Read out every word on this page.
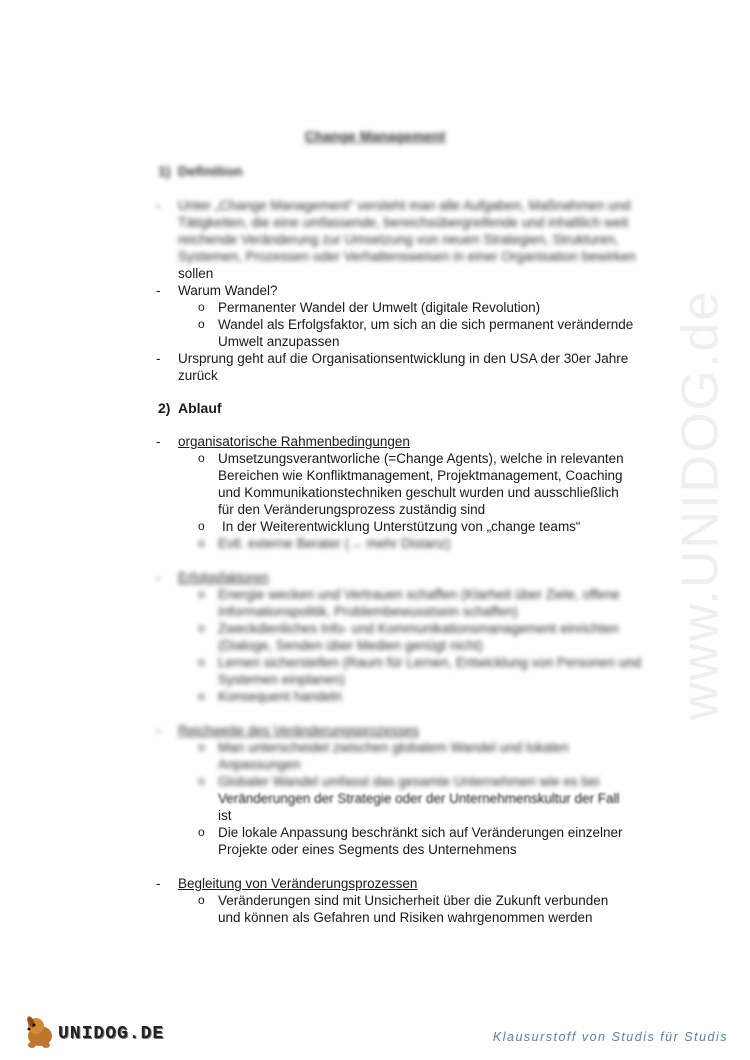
www.UNIDOG.de
Change Management
1) Definition
- Unter „Change Management“ versteht man alle Aufgaben, Maßnahmen und
Tätigkeiten, die eine umfassende, bereichsübergreifende und inhaltlich weit
reichende Veränderung zur Umsetzung von neuen Strategien, Strukturen,
Systemen, Prozessen oder Verhaltensweisen in einer Organisation bewirken
sollen
- Warum Wandel?
o Permanenter Wandel der Umwelt (digitale Revolution)
o Wandel als Erfolgsfaktor, um sich an die sich permanent verändernde
Umwelt anzupassen
- Ursprung geht auf die Organisationsentwicklung in den USA der 30er Jahre
zurück
2) Ablauf
- organisatorische Rahmenbedingungen
o Umsetzungsverantworliche (=Change Agents), welche in relevanten
Bereichen wie Konfliktmanagement, Projektmanagement, Coaching
und Kommunikationstechniken geschult wurden und ausschließlich
für den Veränderungsprozess zuständig sind
o In der Weiterentwicklung Unterstützung von „change teams“
o Evtl. externe Berater (→ mehr Distanz)
- Erfolgsfaktoren
o Energie wecken und Vertrauen schaffen (Klarheit über Ziele, offene
Informationspolitik, Problembewusstsein schaffen)
o Zweckdienliches Info- und Kommunikationsmanagement einrichten
(Dialoge, Senden über Medien genügt nicht)
o Lernen sicherstellen (Raum für Lernen, Entwicklung von Personen und
Systemen einplanen)
o Konsequent handeln
- Reichweite des Veränderungsprozesses
o Man unterscheidet zwischen globalem Wandel und lokalen
Anpassungen
o Globaler Wandel umfasst das gesamte Unternehmen wie es bei
Veränderungen der Strategie oder der Unternehmenskultur der Fall
ist
o Die lokale Anpassung beschränkt sich auf Veränderungen einzelner
Projekte oder eines Segments des Unternehmens
- Begleitung von Veränderungsprozessen
o Veränderungen sind mit Unsicherheit über die Zukunft verbunden
und können als Gefahren und Risiken wahrgenommen werden
UNIDOG.DE	Klausurstoff von Studis für Studis
